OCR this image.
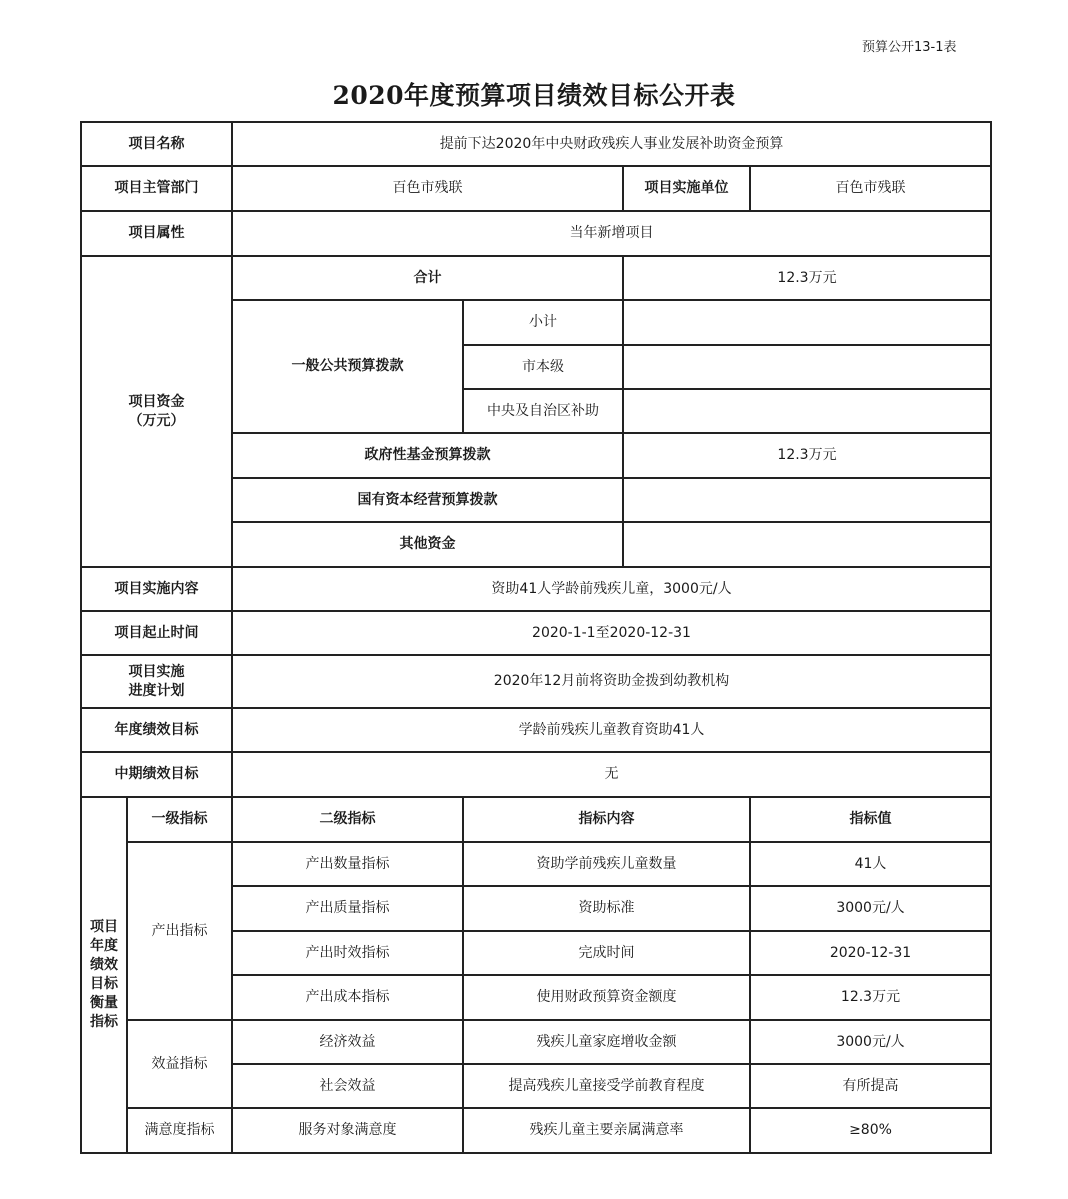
预算公开13-1表
2020年度预算项目绩效目标公开表
项目名称		提前下达2020年中央财政残疾人事业发展补助资金预算			
项目主管部门		百色市残联		项目实施单位	百色市残联
项目属性		当年新增项目			

项目资金
（万元）		合计		12.3万元	
		一般公共预算拨款	小计		
			市本级		
			中央及自治区补助		
		政府性基金预算拨款		12.3万元	
		国有资本经营预算拨款			
		其他资金			
项目实施内容		资助41人学龄前残疾儿童，3000元/人			
项目起止时间		2020-1-1至2020-12-31			

项目实施
进度计划		2020年12月前将资助金拨到幼教机构			
年度绩效目标		学龄前残疾儿童教育资助41人			
中期绩效目标		无			
项目年度绩效目标衡量指标	一级指标	二级指标	指标内容		指标值
	产出指标	产出数量指标	资助学前残疾儿童数量		41人
		产出质量指标	资助标准		3000元/人
		产出时效指标	完成时间		2020-12-31
		产出成本指标	使用财政预算资金额度		12.3万元
	效益指标	经济效益	残疾儿童家庭增收金额		3000元/人
		社会效益	提高残疾儿童接受学前教育程度		有所提高
	满意度指标	服务对象满意度	残疾儿童主要亲属满意率		≥80%
